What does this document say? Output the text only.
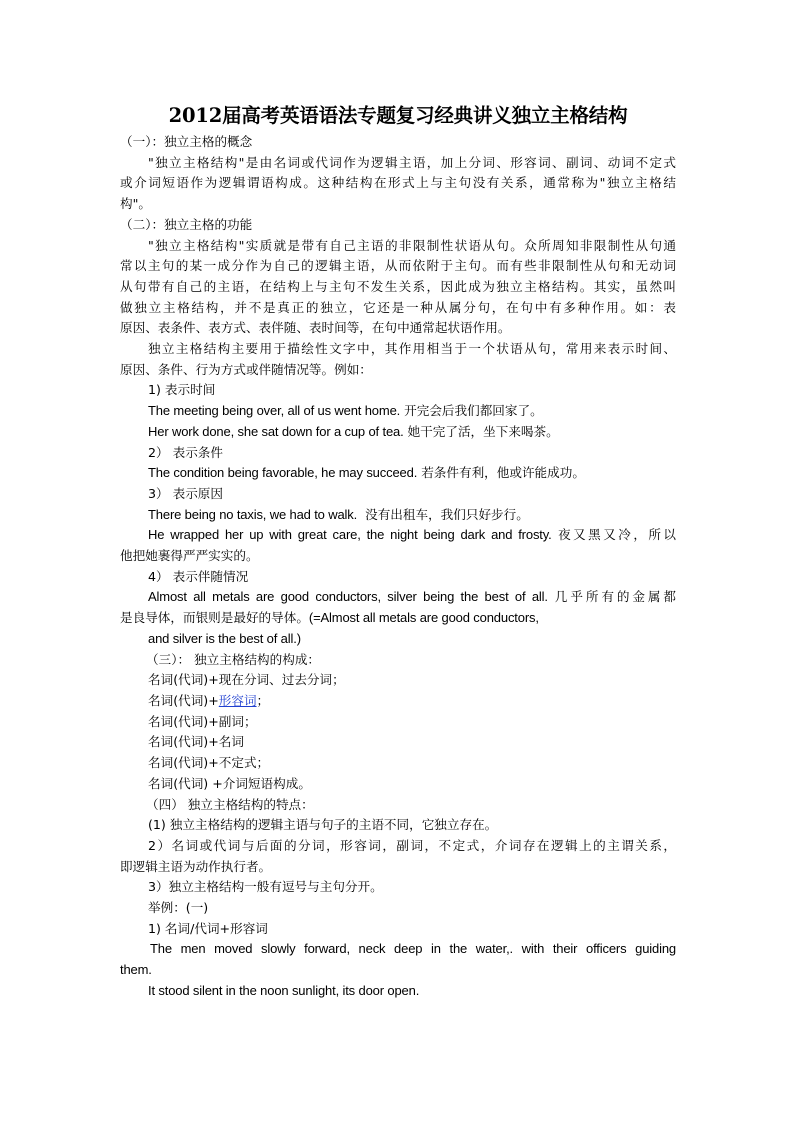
2012届高考英语语法专题复习经典讲义独立主格结构
（一）：独立主格的概念
"独立主格结构"是由名词或代词作为逻辑主语，加上分词、形容词、副词、动词不定式
或介词短语作为逻辑谓语构成。这种结构在形式上与主句没有关系，通常称为"独立主格结
构"。
（二）：独立主格的功能
"独立主格结构"实质就是带有自己主语的非限制性状语从句。众所周知非限制性从句通
常以主句的某一成分作为自己的逻辑主语，从而依附于主句。而有些非限制性从句和无动词
从句带有自己的主语，在结构上与主句不发生关系，因此成为独立主格结构。其实，虽然叫
做独立主格结构，并不是真正的独立，它还是一种从属分句，在句中有多种作用。如：表
原因、表条件、表方式、表伴随、表时间等，在句中通常起状语作用。
独立主格结构主要用于描绘性文字中，其作用相当于一个状语从句，常用来表示时间、
原因、条件、行为方式或伴随情况等。例如：
1) 表示时间
The meeting being over, all of us went home. 开完会后我们都回家了。
Her work done, she sat down for a cup of tea. 她干完了活，坐下来喝茶。
2） 表示条件
The condition being favorable, he may succeed. 若条件有利，他或许能成功。
3） 表示原因
There being no taxis, we had to walk. 没有出租车，我们只好步行。
He wrapped her up with great care, the night being dark and frosty. 夜又黑又冷，所以
他把她裹得严严实实的。
4） 表示伴随情况
Almost all metals are good conductors, silver being the best of all. 几乎所有的金属都
是良导体，而银则是最好的导体。(=Almost all metals are good conductors,
and silver is the best of all.)
（三）： 独立主格结构的构成：
名词(代词)+现在分词、过去分词；
名词(代词)+形容词；
名词(代词)+副词；
名词(代词)+名词
名词(代词)+不定式；
名词(代词) +介词短语构成。
（四） 独立主格结构的特点：
(1) 独立主格结构的逻辑主语与句子的主语不同，它独立存在。
2）名词或代词与后面的分词，形容词，副词，不定式，介词存在逻辑上的主谓关系，
即逻辑主语为动作执行者。
3）独立主格结构一般有逗号与主句分开。
举例：(一)
1) 名词/代词+形容词
The men moved slowly forward, neck deep in the water,. with their officers guiding
them.
It stood silent in the noon sunlight, its door open.
